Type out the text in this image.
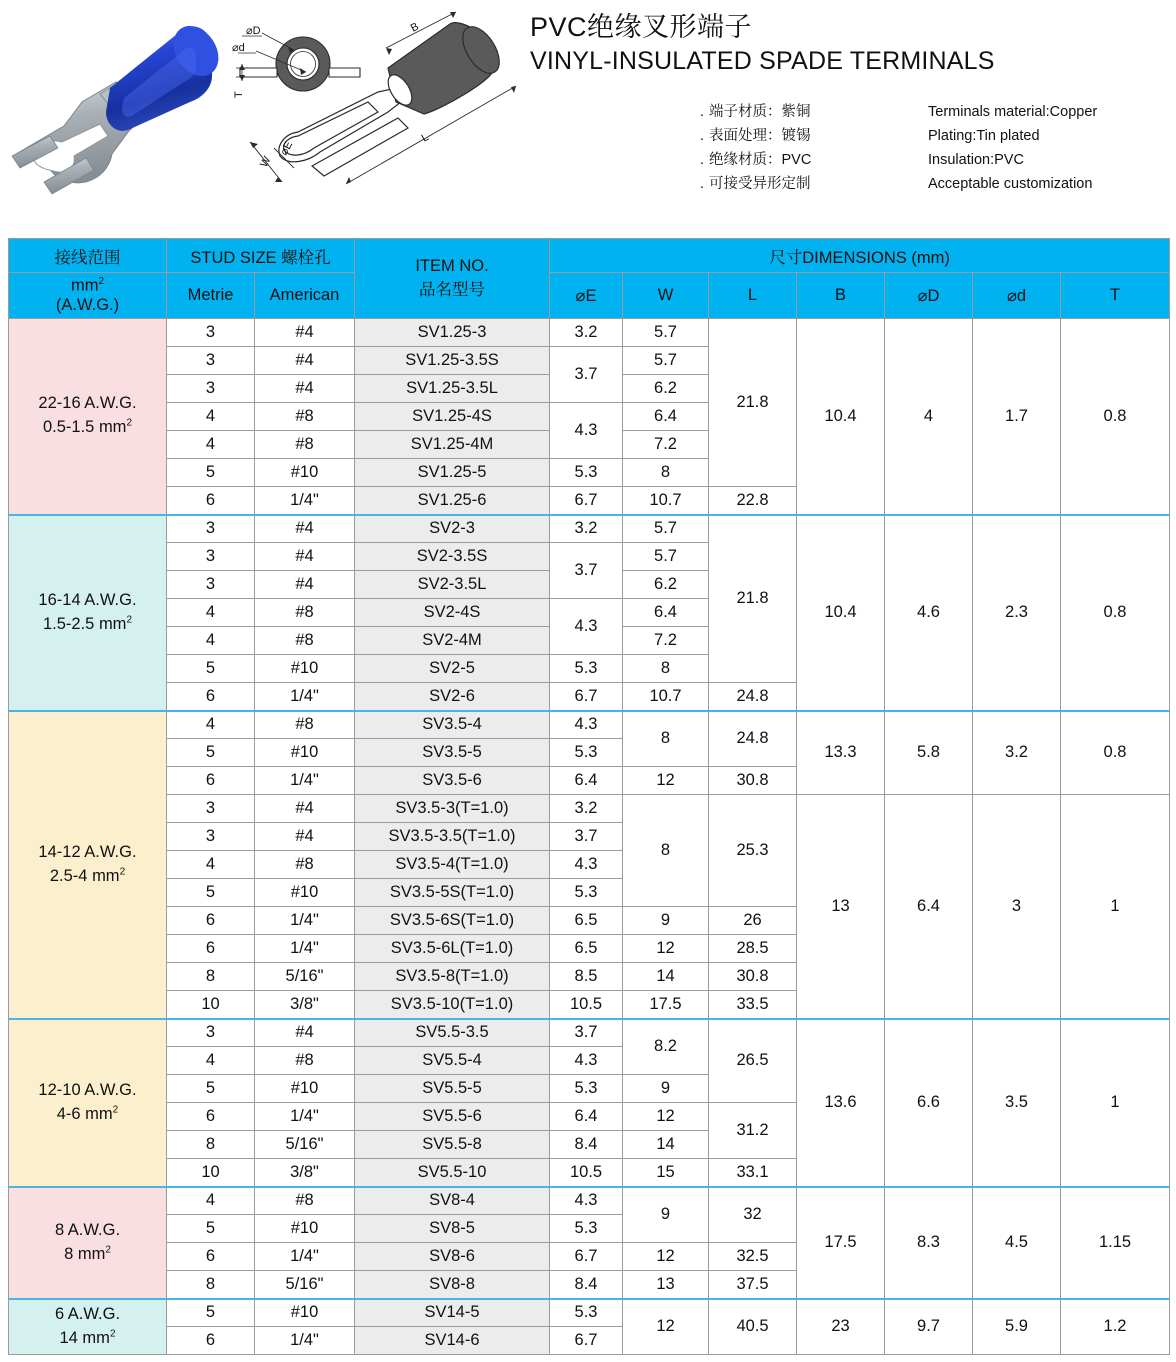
⌀D
⌀d
T
B
L
W
⌀E
PVC绝缘叉形端子
VINYL-INSULATED SPADE TERMINALS
. 端子材质：紫铜	Terminals material:Copper
. 表面处理：镀锡	Plating:Tin plated
. 绝缘材质：PVC	Insulation:PVC
. 可接受异形定制	Acceptable customization
接线范围	STUD SIZE 螺栓孔		ITEM NO.
品名型号	尺寸DIMENSIONS (mm)						

$mm^2$
(A.W.G.)	Metrie	American		⌀E	W	L	B	⌀D	⌀d	T

22-16 A.W.G.
0.5-1.5 $mm^2$	3	#4	SV1.25-3	3.2	5.7	21.8	10.4	4	1.7	0.8
	3	#4	SV1.25-3.5S	3.7	5.7					
	3	#4	SV1.25-3.5L		6.2					
	4	#8	SV1.25-4S	4.3	6.4					
	4	#8	SV1.25-4M		7.2					
	5	#10	SV1.25-5	5.3	8					
	6	1/4"	SV1.25-6	6.7	10.7	22.8				

16-14 A.W.G.
1.5-2.5 $mm^2$	3	#4	SV2-3	3.2	5.7	21.8	10.4	4.6	2.3	0.8
	3	#4	SV2-3.5S	3.7	5.7					
	3	#4	SV2-3.5L		6.2					
	4	#8	SV2-4S	4.3	6.4					
	4	#8	SV2-4M		7.2					
	5	#10	SV2-5	5.3	8					
	6	1/4"	SV2-6	6.7	10.7	24.8				

14-12 A.W.G.
2.5-4 $mm^2$	4	#8	SV3.5-4	4.3	8	24.8	13.3	5.8	3.2	0.8
	5	#10	SV3.5-5	5.3						
	6	1/4"	SV3.5-6	6.4	12	30.8				
	3	#4	SV3.5-3(T=1.0)	3.2	8	25.3	13	6.4	3	1
	3	#4	SV3.5-3.5(T=1.0)	3.7						
	4	#8	SV3.5-4(T=1.0)	4.3						
	5	#10	SV3.5-5S(T=1.0)	5.3						
	6	1/4"	SV3.5-6S(T=1.0)	6.5	9	26				
	6	1/4"	SV3.5-6L(T=1.0)	6.5	12	28.5				
	8	5/16"	SV3.5-8(T=1.0)	8.5	14	30.8				
	10	3/8"	SV3.5-10(T=1.0)	10.5	17.5	33.5				

12-10 A.W.G.
4-6 $mm^2$	3	#4	SV5.5-3.5	3.7	8.2	26.5	13.6	6.6	3.5	1
	4	#8	SV5.5-4	4.3						
	5	#10	SV5.5-5	5.3	9					
	6	1/4"	SV5.5-6	6.4	12	31.2				
	8	5/16"	SV5.5-8	8.4	14					
	10	3/8"	SV5.5-10	10.5	15	33.1				

8 A.W.G.
8 $mm^2$	4	#8	SV8-4	4.3	9	32	17.5	8.3	4.5	1.15
	5	#10	SV8-5	5.3						
	6	1/4"	SV8-6	6.7	12	32.5				
	8	5/16"	SV8-8	8.4	13	37.5				

6 A.W.G.
14 $mm^2$	5	#10	SV14-5	5.3	12	40.5	23	9.7	5.9	1.2
	6	1/4"	SV14-6	6.7						
